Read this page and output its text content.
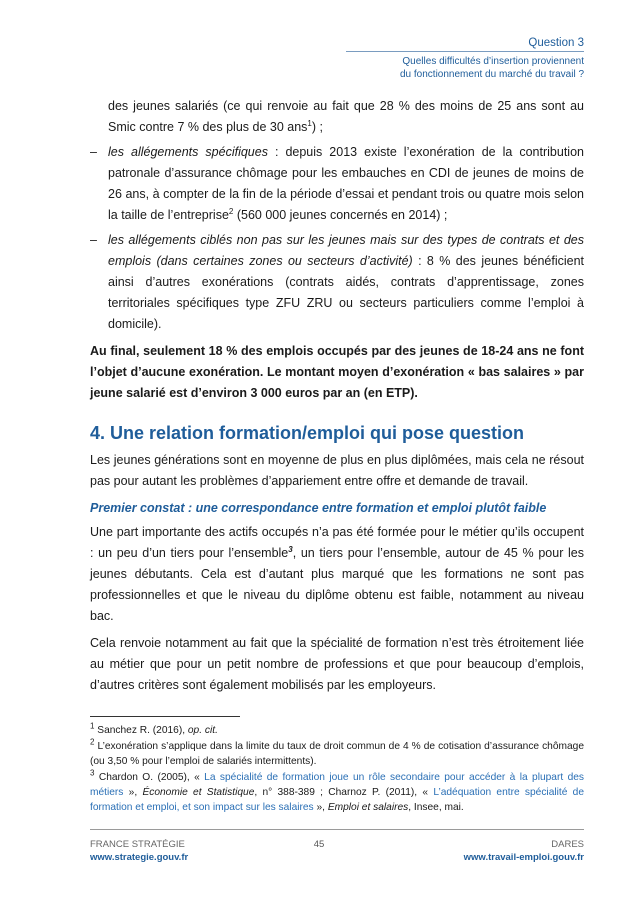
Question 3
Quelles difficultés d’insertion proviennent
du fonctionnement du marché du travail ?

des jeunes salariés (ce qui renvoie au fait que 28 % des moins de 25 ans sont au Smic contre 7 % des plus de 30 ans$^1$) ;

– les allégements spécifiques : depuis 2013 existe l’exonération de la contribution patronale d’assurance chômage pour les embauches en CDI de jeunes de moins de 26 ans, à compter de la fin de la période d’essai et pendant trois ou quatre mois selon la taille de l’entreprise$^2$ (560 000 jeunes concernés en 2014) ;
– les allégements ciblés non pas sur les jeunes mais sur des types de contrats et des emplois (dans certaines zones ou secteurs d’activité) : 8 % des jeunes bénéficient ainsi d’autres exonérations (contrats aidés, contrats d’apprentissage, zones territoriales spécifiques type ZFU ZRU ou secteurs particuliers comme l’emploi à domicile).

Au final, seulement 18 % des emplois occupés par des jeunes de 18-24 ans ne font l’objet d’aucune exonération. Le montant moyen d’exonération « bas salaires » par jeune salarié est d’environ 3 000 euros par an (en ETP).

4. Une relation formation/emploi qui pose question

Les jeunes générations sont en moyenne de plus en plus diplômées, mais cela ne résout pas pour autant les problèmes d’appariement entre offre et demande de travail.

Premier constat : une correspondance entre formation et emploi plutôt faible

Une part importante des actifs occupés n’a pas été formée pour le métier qu’ils occupent : un peu d’un tiers pour l’ensemble$^3$, un tiers pour l’ensemble, autour de 45 % pour les jeunes débutants. Cela est d’autant plus marqué que les formations ne sont pas professionnelles et que le niveau du diplôme obtenu est faible, notamment au niveau bac.

Cela renvoie notamment au fait que la spécialité de formation n’est très étroitement liée au métier que pour un petit nombre de professions et que pour beaucoup d’emplois, d’autres critères sont également mobilisés par les employeurs.

$^1$ Sanchez R. (2016), op. cit.

$^2$ L’exonération s’applique dans la limite du taux de droit commun de 4 % de cotisation d’assurance chômage (ou 3,50 % pour l’emploi de salariés intermittents).

$^3$ Chardon O. (2005), « La spécialité de formation joue un rôle secondaire pour accéder à la plupart des métiers », Économie et Statistique, n° 388-389 ; Charnoz P. (2011), « L’adéquation entre spécialité de formation et emploi, et son impact sur les salaires », Emploi et salaires, Insee, mai.

FRANCE STRATÉGIE
www.strategie.gouv.fr
45	DARES
www.travail-emploi.gouv.fr
